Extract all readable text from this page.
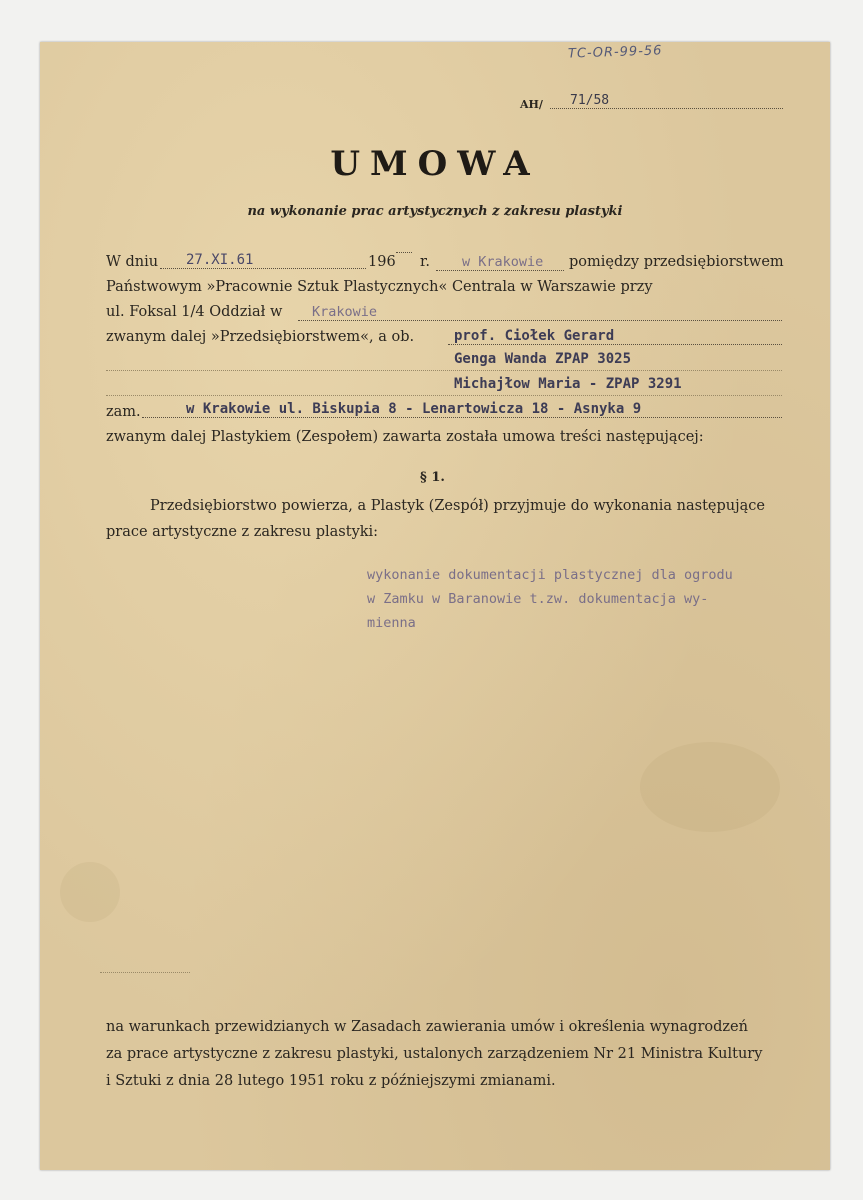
TC-OR-99-56
AH/	71/58
UMOWA
na wykonanie prac artystycznych z zakresu plastyki
W dniu	27.XI.61	196 r.	w Krakowie	pomiędzy przedsiębiorstwem
Państwowym »Pracownie Sztuk Plastycznych« Centrala w Warszawie przy
ul. Foksal 1/4 Oddział w	Krakowie
zwanym dalej »Przedsiębiorstwem«, a ob.	prof. Ciołek Gerard
Genga Wanda ZPAP 3025
Michajłow Maria - ZPAP 3291
zam.	w Krakowie ul. Biskupia 8 - Lenartowicza 18 - Asnyka 9
zwanym dalej Plastykiem (Zespołem) zawarta została umowa treści następującej:
§ 1.
Przedsiębiorstwo powierza, a Plastyk (Zespół) przyjmuje do wykonania następujące
prace artystyczne z zakresu plastyki:
wykonanie dokumentacji plastycznej dla ogrodu
w Zamku w Baranowie t.zw. dokumentacja wy-
mienna
na warunkach przewidzianych w Zasadach zawierania umów i określenia wynagrodzeń
za prace artystyczne z zakresu plastyki, ustalonych zarządzeniem Nr 21 Ministra Kultury
i Sztuki z dnia 28 lutego 1951 roku z późniejszymi zmianami.
